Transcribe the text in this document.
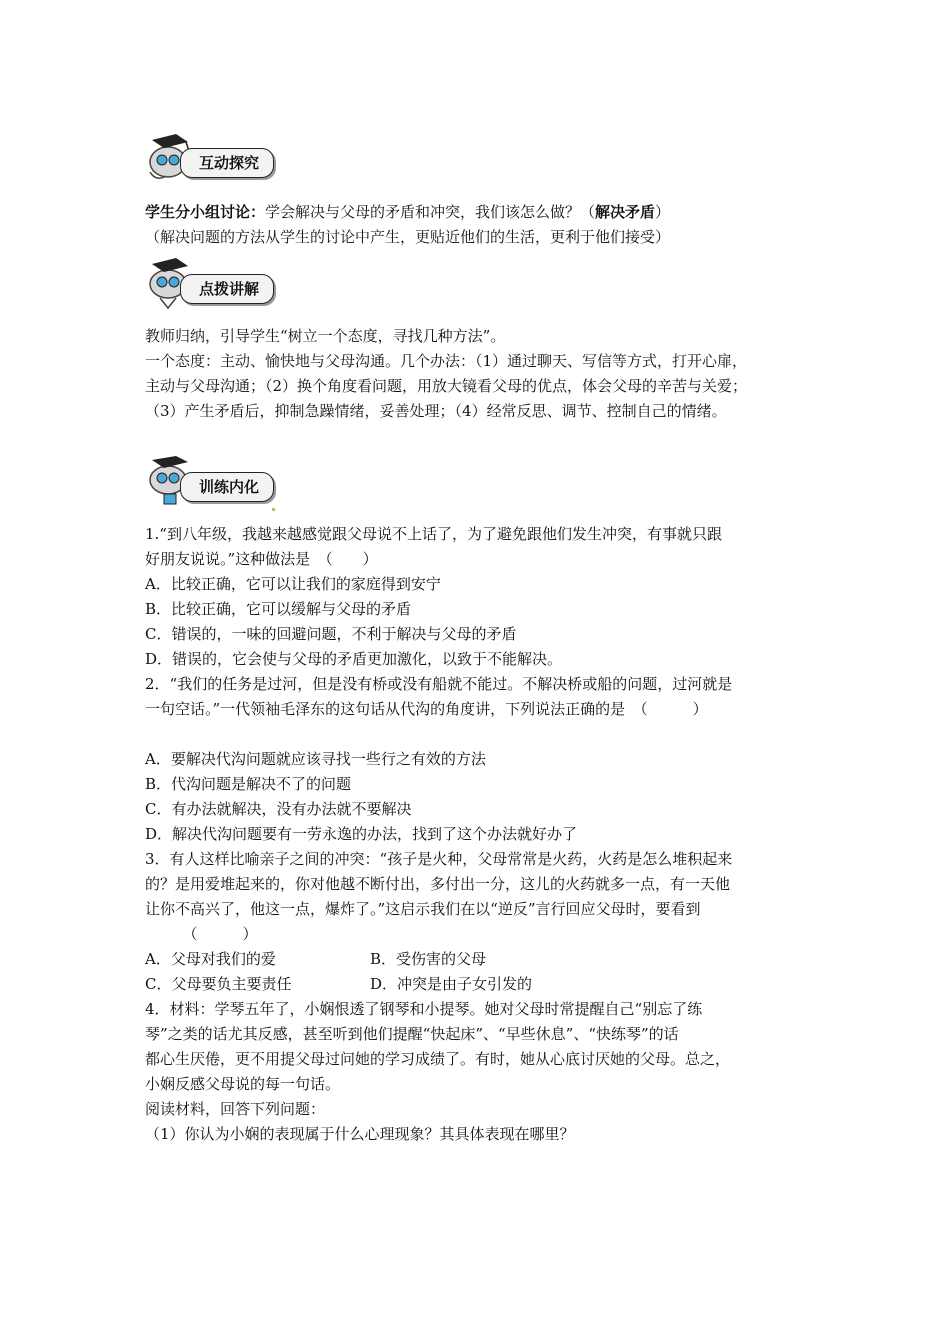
互动探究
学生分小组讨论：学会解决与父母的矛盾和冲突，我们该怎么做？（解决矛盾）
（解决问题的方法从学生的讨论中产生，更贴近他们的生活，更利于他们接受）
点拨讲解
教师归纳，引导学生“树立一个态度，寻找几种方法”。
一个态度：主动、愉快地与父母沟通。几个办法：（1）通过聊天、写信等方式，打开心扉，
主动与父母沟通；（2）换个角度看问题，用放大镜看父母的优点，体会父母的辛苦与关爱；
（3）产生矛盾后，抑制急躁情绪，妥善处理；（4）经常反思、调节、控制自己的情绪。
训练内化
1.“到八年级，我越来越感觉跟父母说不上话了，为了避免跟他们发生冲突，有事就只跟
好朋友说说。”这种做法是　（　　）
A．比较正确，它可以让我们的家庭得到安宁
B．比较正确，它可以缓解与父母的矛盾
C．错误的，一味的回避问题，不利于解决与父母的矛盾
D．错误的，它会使与父母的矛盾更加激化，以致于不能解决。
2．“我们的任务是过河，但是没有桥或没有船就不能过。不解决桥或船的问题，过河就是
一句空话。”一代领袖毛泽东的这句话从代沟的角度讲，下列说法正确的是　（　　　）
A．要解决代沟问题就应该寻找一些行之有效的方法
B．代沟问题是解决不了的问题
C．有办法就解决，没有办法就不要解决
D．解决代沟问题要有一劳永逸的办法，找到了这个办法就好办了
3．有人这样比喻亲子之间的冲突：“孩子是火种，父母常常是火药，火药是怎么堆积起来
的？是用爱堆起来的，你对他越不断付出，多付出一分，这儿的火药就多一点，有一天他
让你不高兴了，他这一点，爆炸了。”这启示我们在以“逆反”言行回应父母时，要看到
　　　（　　　）
A．父母对我们的爱	B．受伤害的父母
C．父母要负主要责任	D．冲突是由子女引发的
4．材料：学琴五年了，小娴恨透了钢琴和小提琴。她对父母时常提醒自己“别忘了练
琴”之类的话尤其反感，甚至听到他们提醒“快起床”、“早些休息”、“快练琴”的话
都心生厌倦，更不用提父母过问她的学习成绩了。有时，她从心底讨厌她的父母。总之，
小娴反感父母说的每一句话。
阅读材料，回答下列问题：
（1）你认为小娴的表现属于什么心理现象？其具体表现在哪里？
